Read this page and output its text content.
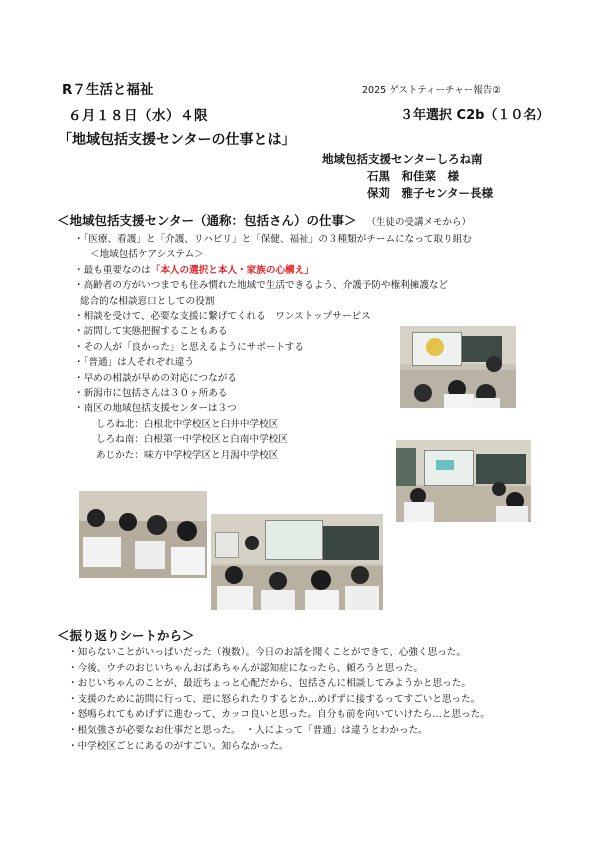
R７生活と福祉	2025 ゲストティーチャー報告②
６月１８日（水）４限	３年選択 C2b（１０名）
「地域包括支援センターの仕事とは」
地域包括支援センターしろね南
石黒　和佳菜　様
保苅　雅子センター長様
＜地域包括支援センター（通称：包括さん）の仕事＞ （生徒の受講メモから）
・「医療、看護」と「介護、リハビリ」と「保健、福祉」の３種類がチームになって取り組む
＜地域包括ケアシステム＞
・最も重要なのは「本人の選択と本人・家族の心構え」
・高齢者の方がいつまでも住み慣れた地域で生活できるよう、介護予防や権利擁護など
総合的な相談窓口としての役割
・相談を受けて、必要な支援に繋げてくれる　ワンストップサービス
・訪問して実態把握することもある
・その人が「良かった」と思えるようにサポートする
・「普通」は人それぞれ違う
・早めの相談が早めの対応につながる
・新潟市に包括さんは３０ヶ所ある
・南区の地域包括支援センターは３つ
しろね北：白根北中学校区と臼井中学校区
しろね南：白根第一中学校区と白南中学校区
あじかた：味方中学校学区と月潟中学校区
＜振り返りシートから＞
・知らないことがいっぱいだった（複数）。今日のお話を聞くことができて、心強く思った。
・今後、ウチのおじいちゃんおばあちゃんが認知症になったら、頼ろうと思った。
・おじいちゃんのことが、最近ちょっと心配だから、包括さんに相談してみようかと思った。
・支援のために訪問に行って、逆に怒られたりするとか…めげずに接するってすごいと思った。
・怒鳴られてもめげずに進むって、カッコ良いと思った。自分も前を向いていけたら…と思った。
・根気強さが必要なお仕事だと思った。　・人によって「普通」は違うとわかった。
・中学校区ごとにあるのがすごい。知らなかった。
